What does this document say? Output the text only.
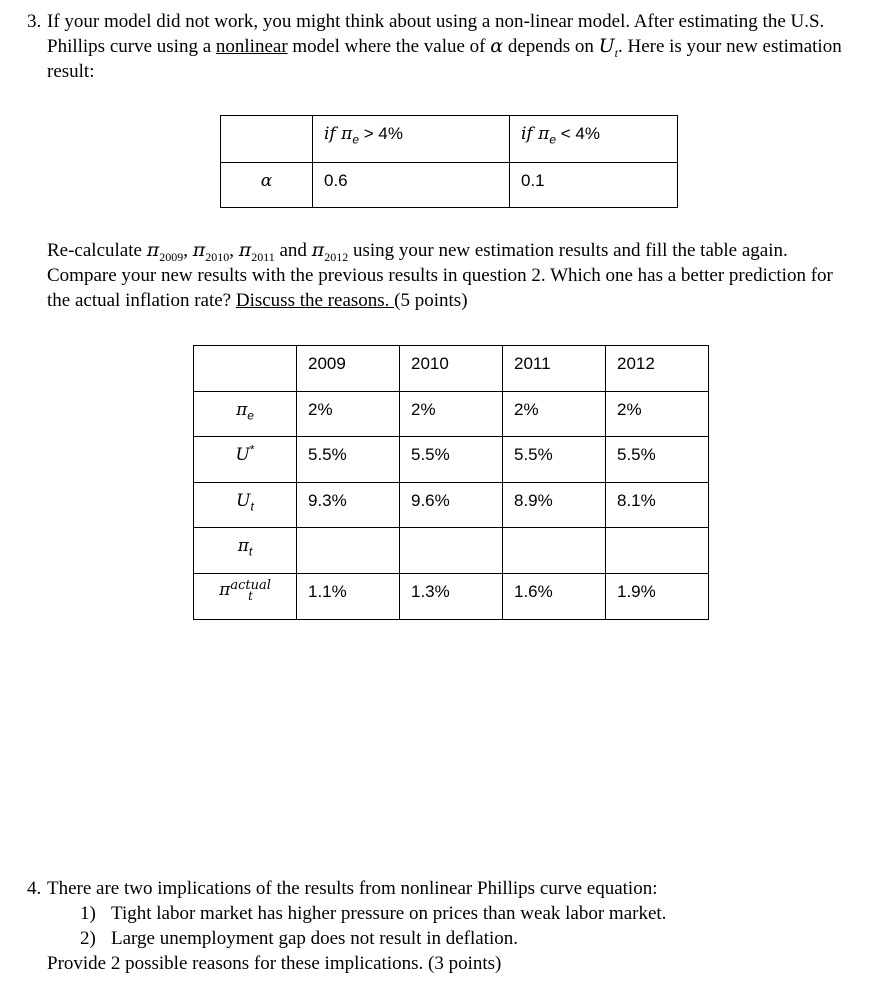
3. If your model did not work, you might think about using a non-linear model. After estimating the U.S. Phillips curve using a nonlinear model where the value of α depends on $U_t$. Here is your new estimation result:
	if $\pi_e > 4\%$	if $\pi_e < 4\%$
α	0.6	0.1
Re-calculate $\pi_{2009}$, $\pi_{2010}$, $\pi_{2011}$ and $\pi_{2012}$ using your new estimation results and fill the table again. Compare your new results with the previous results in question 2. Which one has a better prediction for the actual inflation rate? Discuss the reasons. (5 points)
	2009	2010	2011	2012
$\pi_e$	2%	2%	2%	2%
U*	5.5%	5.5%	5.5%	5.5%
$U_t$	9.3%	9.6%	8.9%	8.1%
$\pi_t$				
πactual
t	1.1%	1.3%	1.6%	1.9%
4. There are two implications of the results from nonlinear Phillips curve equation:
1) Tight labor market has higher pressure on prices than weak labor market.
2) Large unemployment gap does not result in deflation.
Provide 2 possible reasons for these implications. (3 points)
